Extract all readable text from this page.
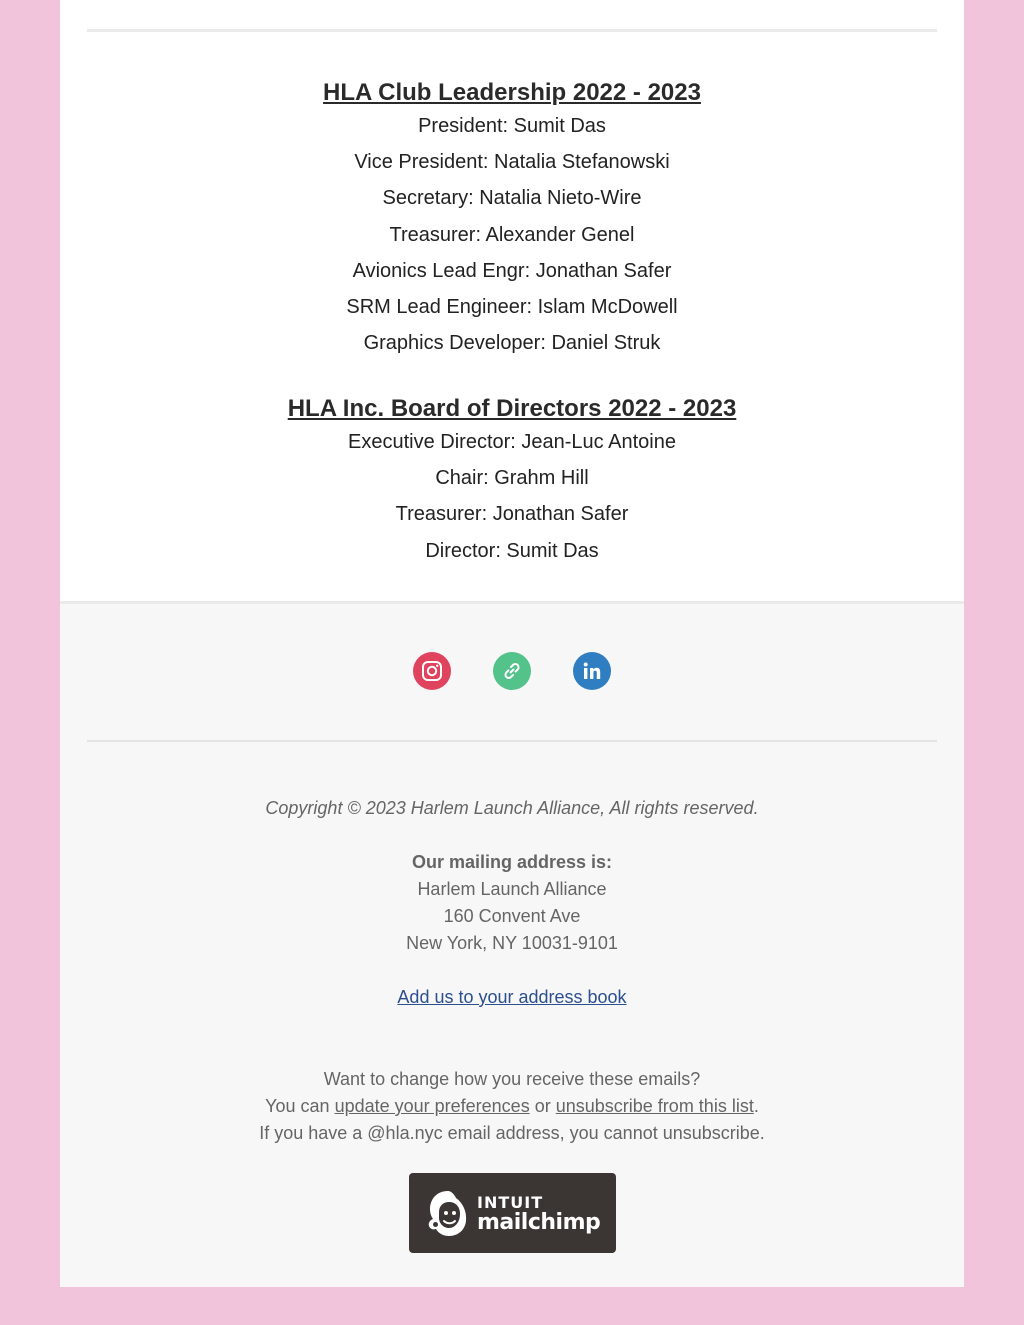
HLA Club Leadership 2022 - 2023
President: Sumit Das
Vice President: Natalia Stefanowski
Secretary: Natalia Nieto-Wire
Treasurer: Alexander Genel
Avionics Lead Engr: Jonathan Safer
SRM Lead Engineer: Islam McDowell
Graphics Developer: Daniel Struk
HLA Inc. Board of Directors 2022 - 2023
Executive Director: Jean-Luc Antoine
Chair: Grahm Hill
Treasurer: Jonathan Safer
Director: Sumit Das
Copyright © 2023 Harlem Launch Alliance, All rights reserved.
Our mailing address is:
Harlem Launch Alliance
160 Convent Ave
New York, NY 10031-9101
Add us to your address book
Want to change how you receive these emails?
You can update your preferences or unsubscribe from this list.
If you have a @hla.nyc email address, you cannot unsubscribe.
INTUIT
mailchimp
